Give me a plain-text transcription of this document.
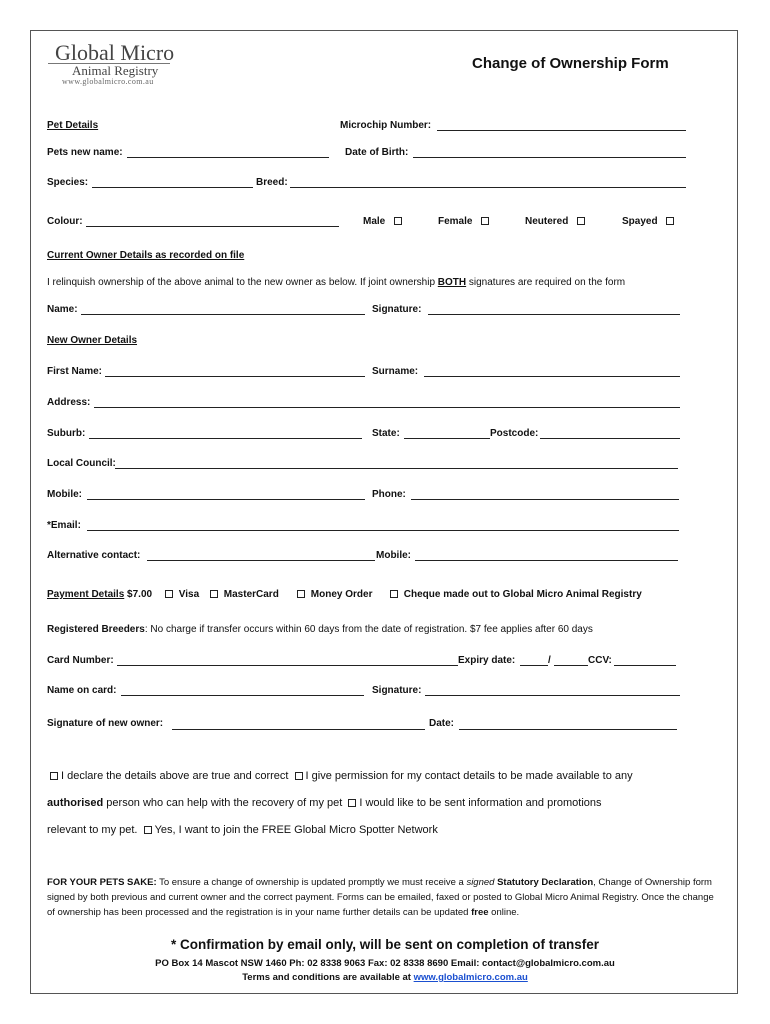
Global Micro
Animal Registry
www.globalmicro.com.au
Change of Ownership Form
Pet Details	Microchip Number:
Pets new name:	Date of Birth:
Species:	Breed:
Colour:	Male	Female	Neutered	Spayed
Current Owner Details as recorded on file
I relinquish ownership of the above animal to the new owner as below. If joint ownership BOTH signatures are required on the form
Name:	Signature:
New Owner Details
First Name:	Surname:
Address:
Suburb:	State:	Postcode:
Local Council:
Mobile:	Phone:
*Email:
Alternative contact:	Mobile:
Payment Details $7.00	Visa	MasterCard	Money Order	Cheque made out to Global Micro Animal Registry
Registered Breeders: No charge if transfer occurs within 60 days from the date of registration. $7 fee applies after 60 days
Card Number:	Expiry date:	/	CCV:
Name on card:	Signature:
Signature of new owner:	Date:
I declare the details above are true and correct I give permission for my contact details to be made available to any
authorised person who can help with the recovery of my pet I would like to be sent information and promotions
relevant to my pet. Yes, I want to join the FREE Global Micro Spotter Network
FOR YOUR PETS SAKE: To ensure a change of ownership is updated promptly we must receive a signed Statutory Declaration, Change of Ownership form signed by both previous and current owner and the correct payment. Forms can be emailed, faxed or posted to Global Micro Animal Registry. Once the change of ownership has been processed and the registration is in your name further details can be updated free online.
* Confirmation by email only, will be sent on completion of transfer
PO Box 14 Mascot NSW 1460 Ph: 02 8338 9063 Fax: 02 8338 8690 Email: contact@globalmicro.com.au
Terms and conditions are available at www.globalmicro.com.au
